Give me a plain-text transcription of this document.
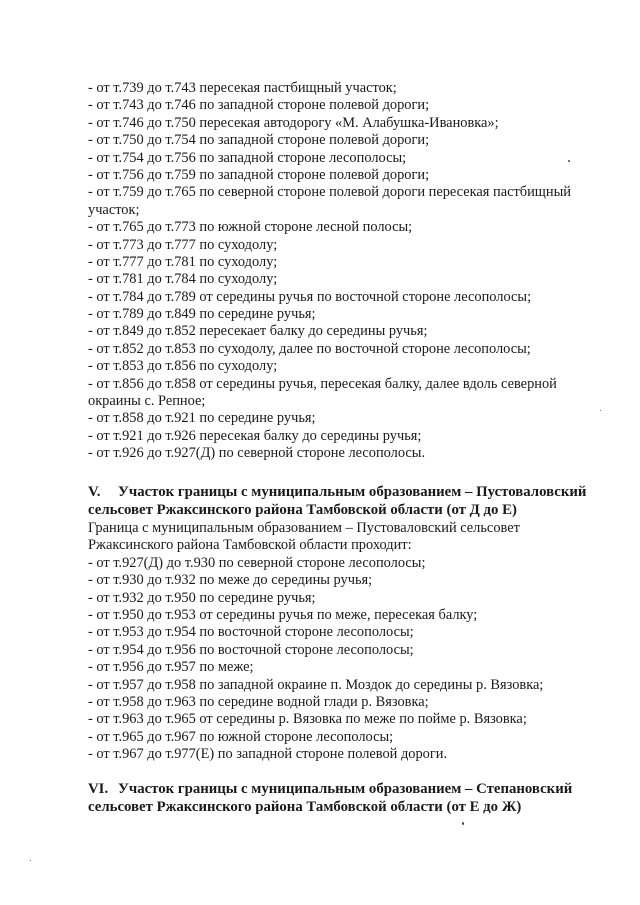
- от т.739 до т.743 пересекая пастбищный участок;
- от т.743 до т.746 по западной стороне полевой дороги;
- от т.746 до т.750 пересекая автодорогу «М. Алабушка-Ивановка»;
- от т.750 до т.754 по западной стороне полевой дороги;
- от т.754 до т.756 по западной стороне лесополосы;
- от т.756 до т.759 по западной стороне полевой дороги;
- от т.759 до т.765 по северной стороне полевой дороги пересекая пастбищный
участок;
- от т.765 до т.773 по южной стороне лесной полосы;
- от т.773 до т.777 по суходолу;
- от т.777 до т.781 по суходолу;
- от т.781 до т.784 по суходолу;
- от т.784 до т.789 от середины ручья по восточной стороне лесополосы;
- от т.789 до т.849 по середине ручья;
- от т.849 до т.852 пересекает балку до середины ручья;
- от т.852 до т.853 по суходолу, далее по восточной стороне лесополосы;
- от т.853 до т.856 по суходолу;
- от т.856 до т.858 от середины ручья, пересекая балку, далее вдоль северной
окраины с. Репное;
- от т.858 до т.921 по середине ручья;
- от т.921 до т.926 пересекая балку до середины ручья;
- от т.926 до т.927(Д) по северной стороне лесополосы.
V. Участок границы с муниципальным образованием – Пустоваловский
сельсовет Ржаксинского района Тамбовской области (от Д до Е)
Граница с муниципальным образованием – Пустоваловский сельсовет
Ржаксинского района Тамбовской области проходит:
- от т.927(Д) до т.930 по северной стороне лесополосы;
- от т.930 до т.932 по меже до середины ручья;
- от т.932 до т.950 по середине ручья;
- от т.950 до т.953 от середины ручья по меже, пересекая балку;
- от т.953 до т.954 по восточной стороне лесополосы;
- от т.954 до т.956 по восточной стороне лесополосы;
- от т.956 до т.957 по меже;
- от т.957 до т.958 по западной окраине п. Моздок до середины р. Вязовка;
- от т.958 до т.963 по середине водной глади р. Вязовка;
- от т.963 до т.965 от середины р. Вязовка по меже по пойме р. Вязовка;
- от т.965 до т.967 по южной стороне лесополосы;
- от т.967 до т.977(Е) по западной стороне полевой дороги.
VI. Участок границы с муниципальным образованием – Степановский
сельсовет Ржаксинского района Тамбовской области (от Е до Ж)
